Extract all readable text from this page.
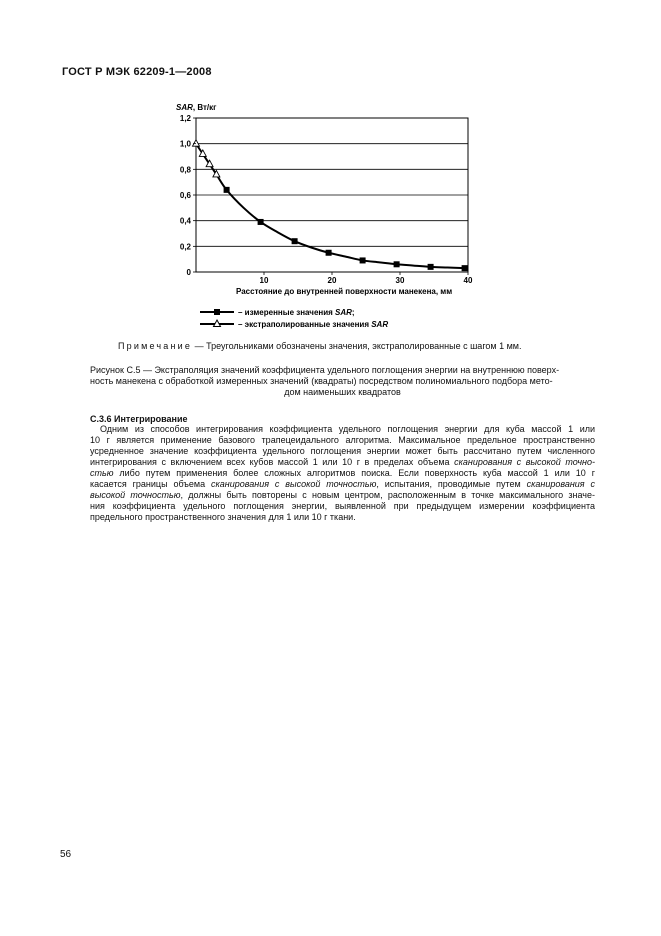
ГОСТ Р МЭК 62209-1—2008
1,2
1,0
0,8
0,6
0,4
0,2
0
10	20	30	40
SAR, Вт/кг
Расстояние до внутренней поверхности манекена, мм
– измеренные значения SAR;
– экстраполированные значения SAR
Примечание — Треугольниками обозначены значения, экстраполированные с шагом 1 мм.
Рисунок С.5 — Экстраполяция значений коэффициента удельного поглощения энергии на внутреннюю поверх-
ность манекена с обработкой измеренных значений (квадраты) посредством полиномиального подбора мето-
дом наименьших квадратов
С.3.6 Интегрирование
Одним из способов интегрирования коэффициента удельного поглощения энергии для куба массой 1 или
10 г является применение базового трапецеидального алгоритма. Максимальное предельное пространственно
усредненное значение коэффициента удельного поглощения энергии может быть рассчитано путем численного
интегрирования с включением всех кубов массой 1 или 10 г в пределах объема сканирования с высокой точно-
стью либо путем применения более сложных алгоритмов поиска. Если поверхность куба массой 1 или 10 г
касается границы объема сканирования с высокой точностью, испытания, проводимые путем сканирования с
высокой точностью, должны быть повторены с новым центром, расположенным в точке максимального значе-
ния коэффициента удельного поглощения энергии, выявленной при предыдущем измерении коэффициента
предельного пространственного значения для 1 или 10 г ткани.
56
